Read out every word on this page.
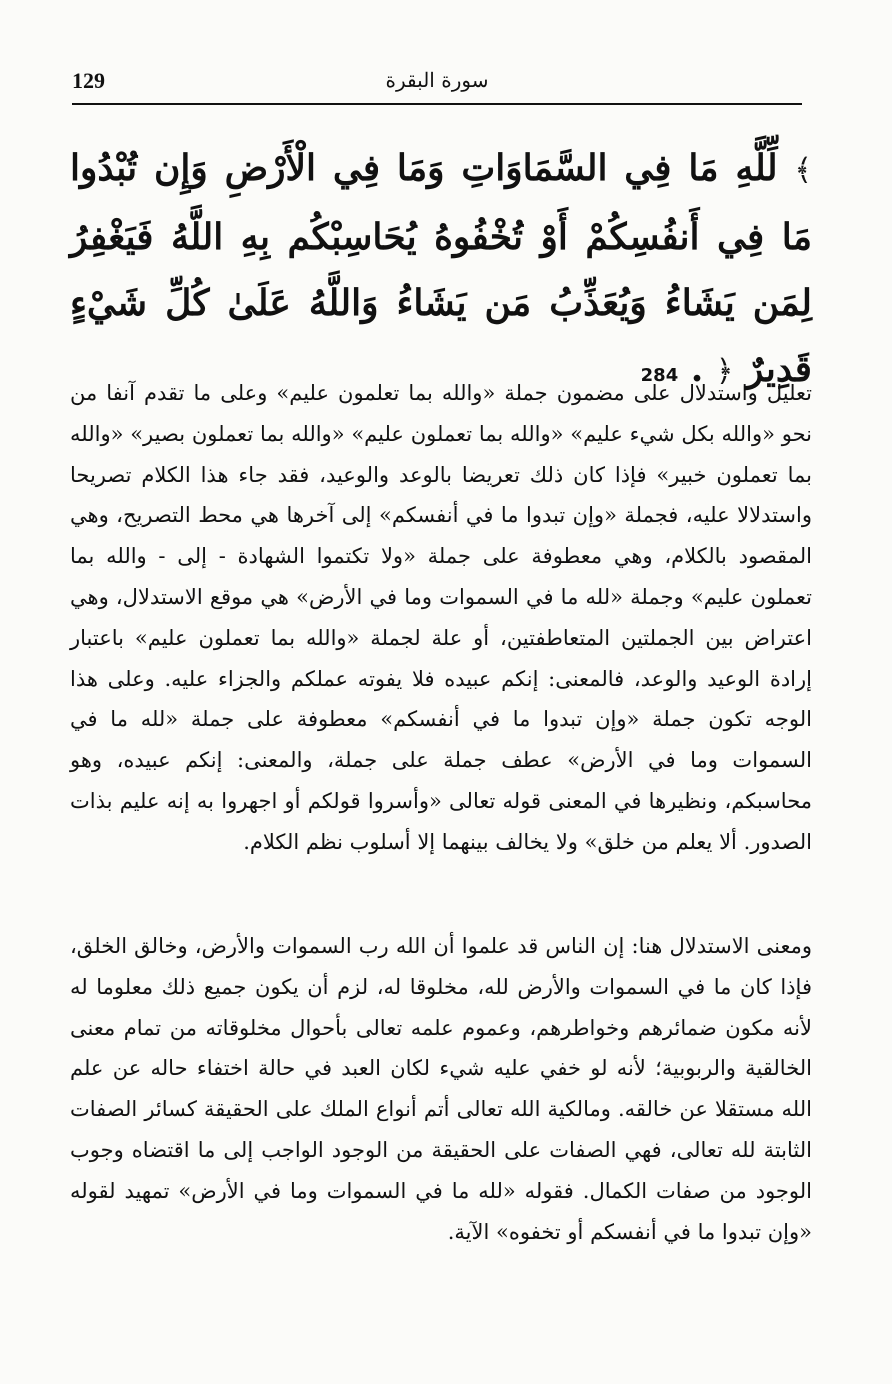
129	سورة البقرة
﴾ لِّلَّهِ مَا فِي السَّمَاوَاتِ وَمَا فِي الْأَرْضِ وَإِن تُبْدُوا مَا فِي أَنفُسِكُمْ أَوْ تُخْفُوهُ يُحَاسِبْكُم بِهِ اللَّهُ فَيَغْفِرُ لِمَن يَشَاءُ وَيُعَذِّبُ مَن يَشَاءُ وَاللَّهُ عَلَىٰ كُلِّ شَيْءٍ قَدِيرٌ ﴿ . 284

تعليل واستدلال على مضمون جملة «والله بما تعلمون عليم» وعلى ما تقدم آنفا من نحو «والله بكل شيء عليم» «والله بما تعملون عليم» «والله بما تعملون بصير» «والله بما تعملون خبير» فإذا كان ذلك تعريضا بالوعد والوعيد، فقد جاء هذا الكلام تصريحا واستدلالا عليه، فجملة «وإن تبدوا ما في أنفسكم» إلى آخرها هي محط التصريح، وهي المقصود بالكلام، وهي معطوفة على جملة «ولا تكتموا الشهادة - إلى - والله بما تعملون عليم» وجملة «لله ما في السموات وما في الأرض» هي موقع الاستدلال، وهي اعتراض بين الجملتين المتعاطفتين، أو علة لجملة «والله بما تعملون عليم» باعتبار إرادة الوعيد والوعد، فالمعنى: إنكم عبيده فلا يفوته عملكم والجزاء عليه. وعلى هذا الوجه تكون جملة «وإن تبدوا ما في أنفسكم» معطوفة على جملة «لله ما في السموات وما في الأرض» عطف جملة على جملة، والمعنى: إنكم عبيده، وهو محاسبكم، ونظيرها في المعنى قوله تعالى «وأسروا قولكم أو اجهروا به إنه عليم بذات الصدور. ألا يعلم من خلق» ولا يخالف بينهما إلا أسلوب نظم الكلام.

ومعنى الاستدلال هنا: إن الناس قد علموا أن الله رب السموات والأرض، وخالق الخلق، فإذا كان ما في السموات والأرض لله، مخلوقا له، لزم أن يكون جميع ذلك معلوما له لأنه مكون ضمائرهم وخواطرهم، وعموم علمه تعالى بأحوال مخلوقاته من تمام معنى الخالقية والربوبية؛ لأنه لو خفي عليه شيء لكان العبد في حالة اختفاء حاله عن علم الله مستقلا عن خالقه. ومالكية الله تعالى أتم أنواع الملك على الحقيقة كسائر الصفات الثابتة لله تعالى، فهي الصفات على الحقيقة من الوجود الواجب إلى ما اقتضاه وجوب الوجود من صفات الكمال. فقوله «لله ما في السموات وما في الأرض» تمهيد لقوله «وإن تبدوا ما في أنفسكم أو تخفوه» الآية.
